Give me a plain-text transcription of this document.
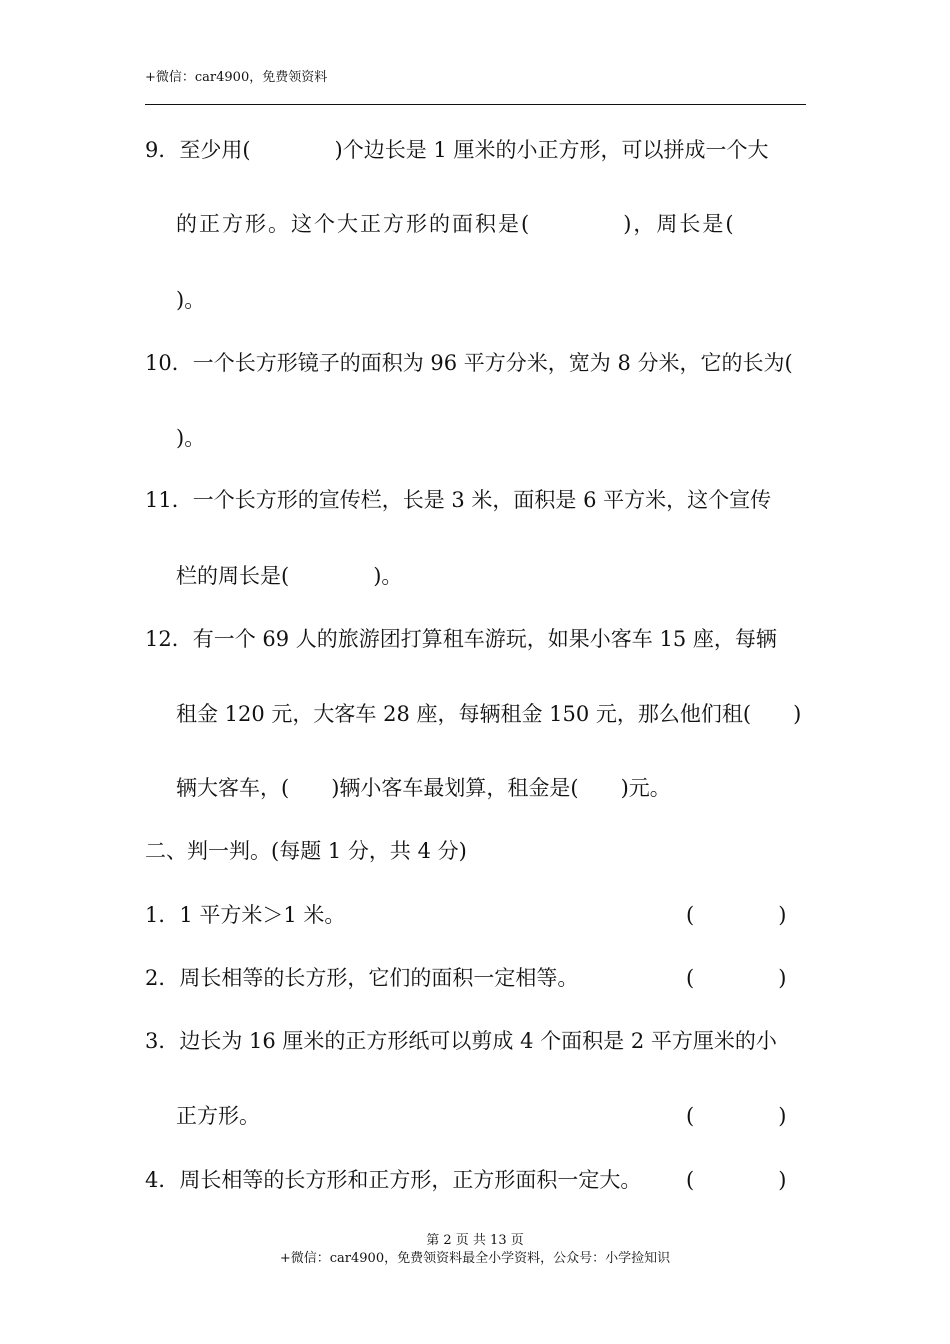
+微信：car4900，免费领资料
9．至少用(　　　　)个边长是 1 厘米的小正方形，可以拼成一个大
的正方形。这个大正方形的面积是(　　　　)，周长是(
)。
10．一个长方形镜子的面积为 96 平方分米，宽为 8 分米，它的长为(
)。
11．一个长方形的宣传栏，长是 3 米，面积是 6 平方米，这个宣传
栏的周长是(　　　　)。
12．有一个 69 人的旅游团打算租车游玩，如果小客车 15 座，每辆
租金 120 元，大客车 28 座，每辆租金 150 元，那么他们租(　　)
辆大客车，(　　)辆小客车最划算，租金是(　　)元。
二、判一判。(每题 1 分，共 4 分)
1．1 平方米＞1 米。	(　　　　)
2．周长相等的长方形，它们的面积一定相等。	(　　　　)
3．边长为 16 厘米的正方形纸可以剪成 4 个面积是 2 平方厘米的小
正方形。	(　　　　)
4．周长相等的长方形和正方形，正方形面积一定大。 (　　　　)
第 2 页 共 13 页
+微信：car4900，免费领资料最全小学资料，公众号：小学捡知识
